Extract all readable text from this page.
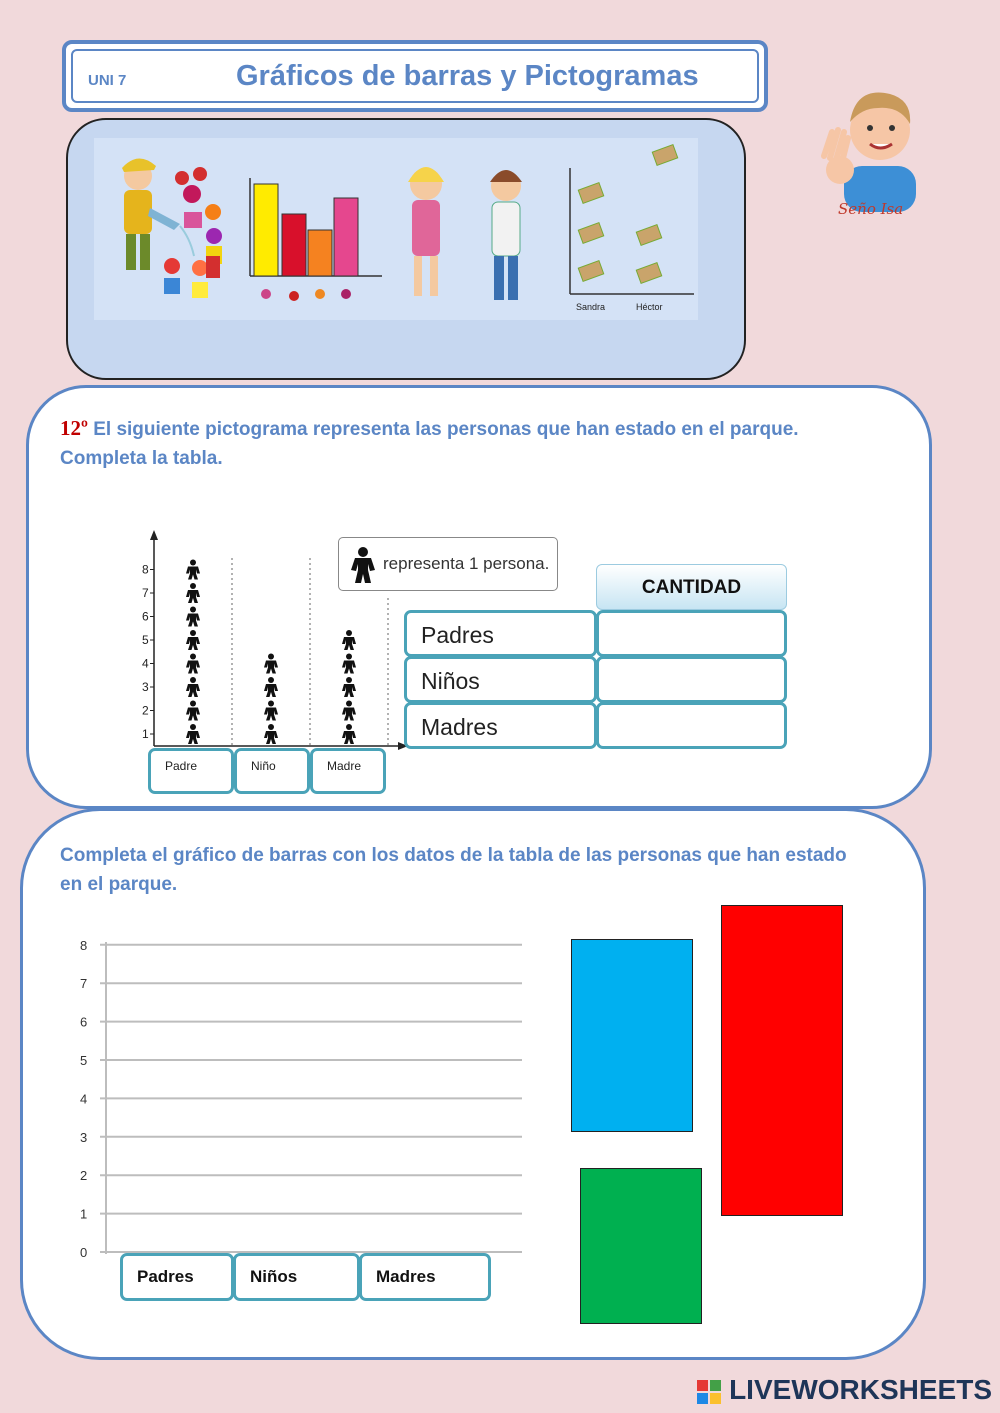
UNI 7	Gráficos de barras y Pictogramas
Sandra	Héctor
Seño Isa
12º El siguiente pictograma representa las personas que han estado en el parque. Completa la tabla.
1
2
3
4
5
6
7
8
Padre	Niño	Madre
representa 1 persona.
CANTIDAD
Padres
Niños
Madres
Completa el gráfico de barras con los datos de la tabla de las personas que han estado en el parque.
0
1
2
3
4
5
6
7
8
Padres	Niños	Madres
LIVEWORKSHEETS
